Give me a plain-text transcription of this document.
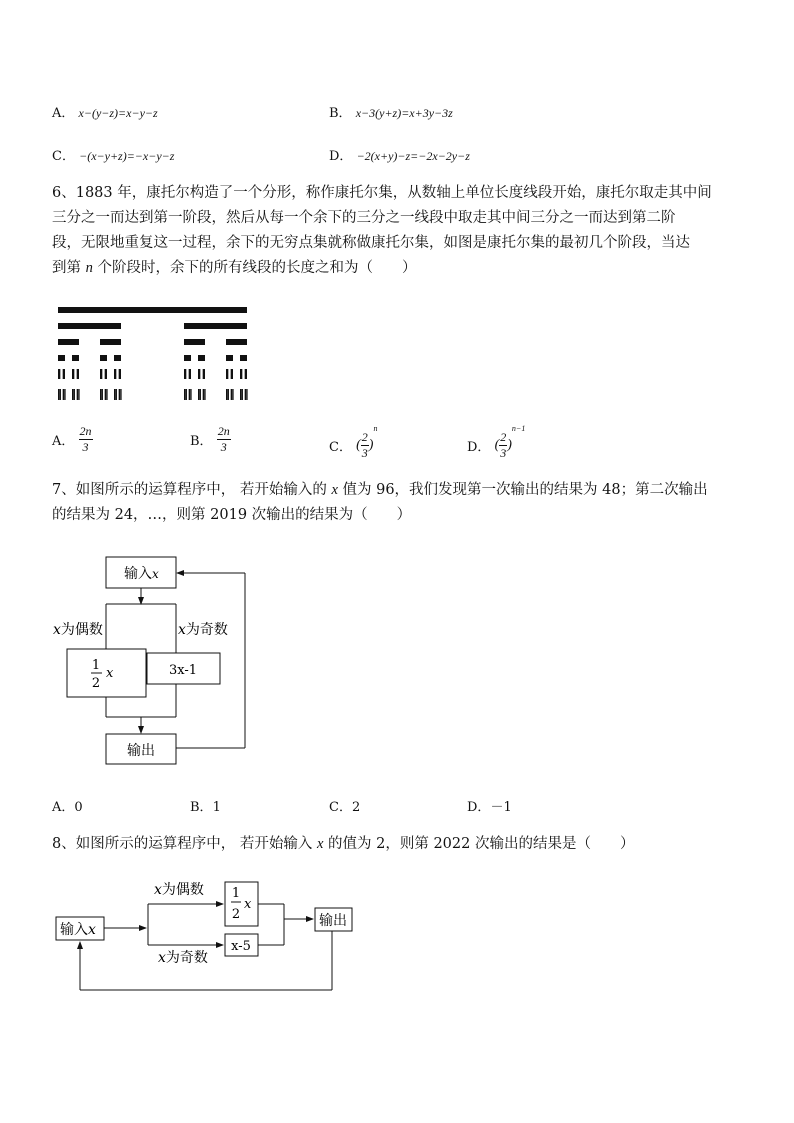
A． x−(y−z)=x−y−z	B． x−3(y+z)=x+3y−3z
C． −(x−y+z)=−x−y−z	D． −2(x+y)−z=−2x−2y−z
6、1883 年，康托尔构造了一个分形，称作康托尔集，从数轴上单位长度线段开始，康托尔取走其中间
三分之一而达到第一阶段，然后从每一个余下的三分之一线段中取走其中间三分之一而达到第二阶
段，无限地重复这一过程，余下的无穷点集就称做康托尔集，如图是康托尔集的最初几个阶段，当达
到第 n 个阶段时，余下的所有线段的长度之和为（　　）
A． $\frac{2n}{3}$	B． $\frac{2n}{3}$	C． ( $\frac{2}{3} )^n$
D． ( $\frac{2}{3} )^{n-1}$
7、如图所示的运算程序中， 若开始输入的 x 值为 96，我们发现第一次输出的结果为 48；第二次输出
的结果为 24，…，则第 2019 次输出的结果为（　　）
输入x
x为偶数	x为奇数
1
2
x	3x-1
输出
A．0	B．1	C．2	D．－1
8、如图所示的运算程序中， 若开始输入 x 的值为 2，则第 2022 次输出的结果是（　　）
输入x
x为偶数
x为奇数
1
2
x
x-5
输出
